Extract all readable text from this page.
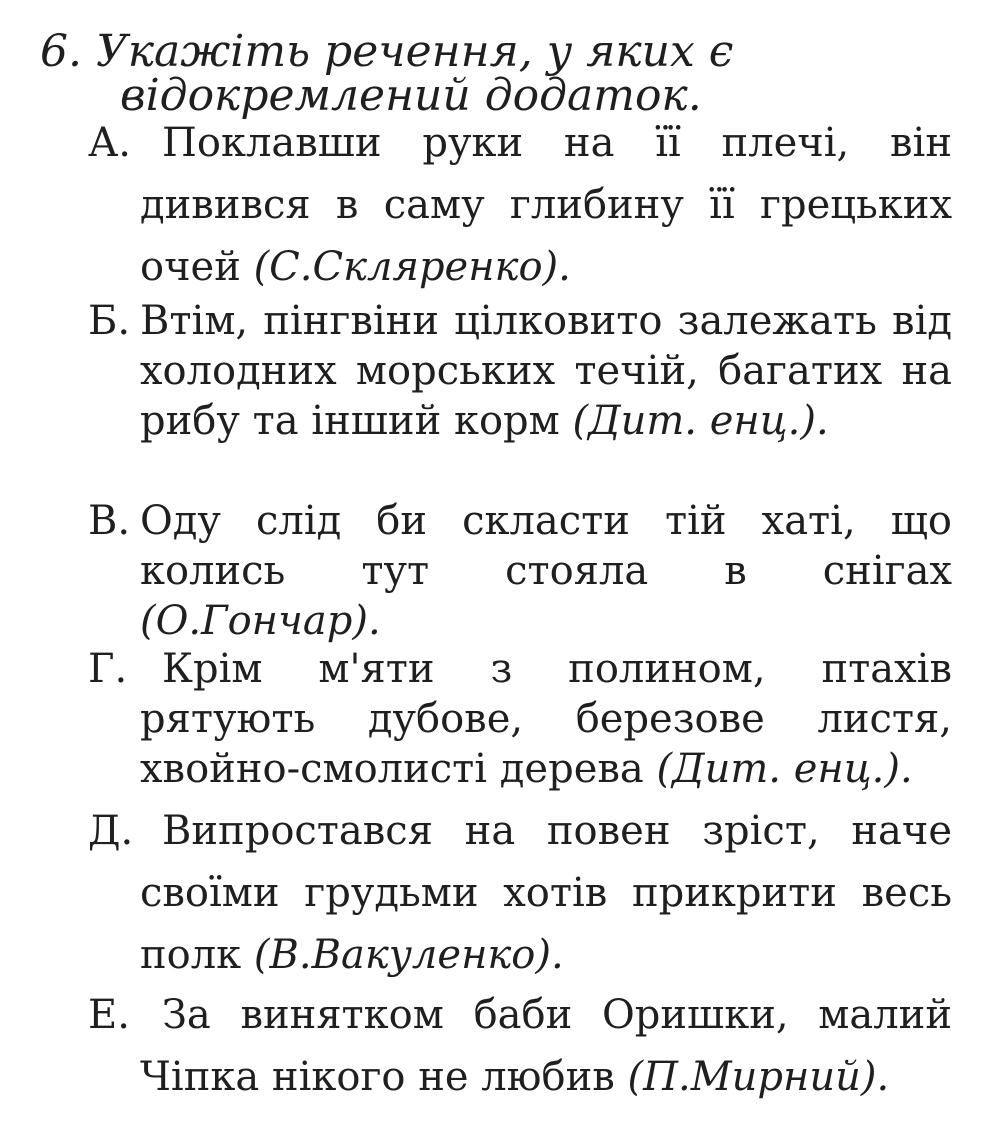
6. Укажіть речення, у яких є
відокремлений додаток.
А. Поклавши руки на її плечі, він дивився в саму глибину її грецьких очей (С.Скляренко).
Б. Втім, пінгвіни цілковито залежать від холодних морських течій, багатих на рибу та інший корм (Дит. енц.).
В. Оду слід би скласти тій хаті, що колись тут стояла в снігах (О.Гончар).
Г. Крім м'яти з полином, птахів рятують дубове, березове листя, хвойно-смолисті дерева (Дит. енц.).
Д. Випростався на повен зріст, наче своїми грудьми хотів прикрити весь полк (В.Вакуленко).
Е. За винятком баби Оришки, малий Чіпка нікого не любив (П.Мирний).
